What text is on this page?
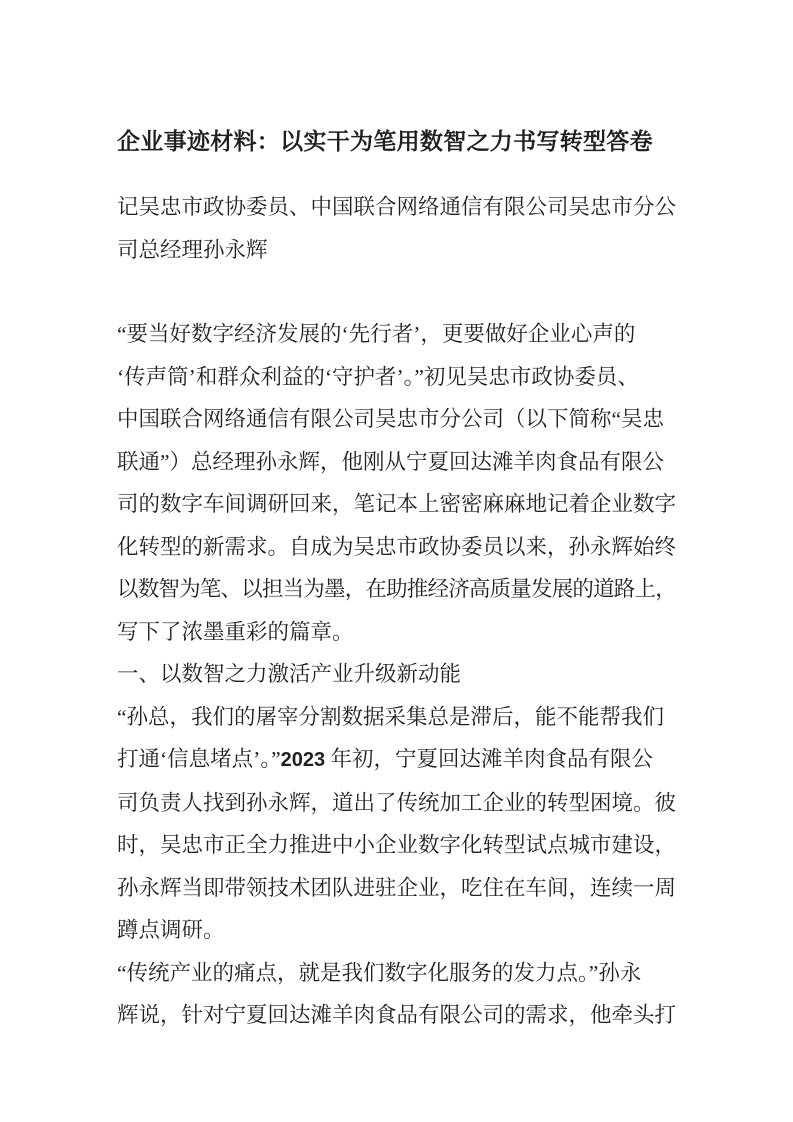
企业事迹材料：以实干为笔用数智之力书写转型答卷
记吴忠市政协委员、中国联合网络通信有限公司吴忠市分公
司总经理孙永辉
“要当好数字经济发展的‘先行者’，更要做好企业心声的
‘传声筒’和群众利益的‘守护者’。”初见吴忠市政协委员、
中国联合网络通信有限公司吴忠市分公司（以下简称“吴忠
联通”）总经理孙永辉，他刚从宁夏回达滩羊肉食品有限公
司的数字车间调研回来，笔记本上密密麻麻地记着企业数字
化转型的新需求。自成为吴忠市政协委员以来，孙永辉始终
以数智为笔、以担当为墨，在助推经济高质量发展的道路上，
写下了浓墨重彩的篇章。
一、以数智之力激活产业升级新动能
“孙总，我们的屠宰分割数据采集总是滞后，能不能帮我们
打通‘信息堵点’。”2023 年初，宁夏回达滩羊肉食品有限公
司负责人找到孙永辉，道出了传统加工企业的转型困境。彼
时，吴忠市正全力推进中小企业数字化转型试点城市建设，
孙永辉当即带领技术团队进驻企业，吃住在车间，连续一周
蹲点调研。
“传统产业的痛点，就是我们数字化服务的发力点。”孙永
辉说，针对宁夏回达滩羊肉食品有限公司的需求，他牵头打
